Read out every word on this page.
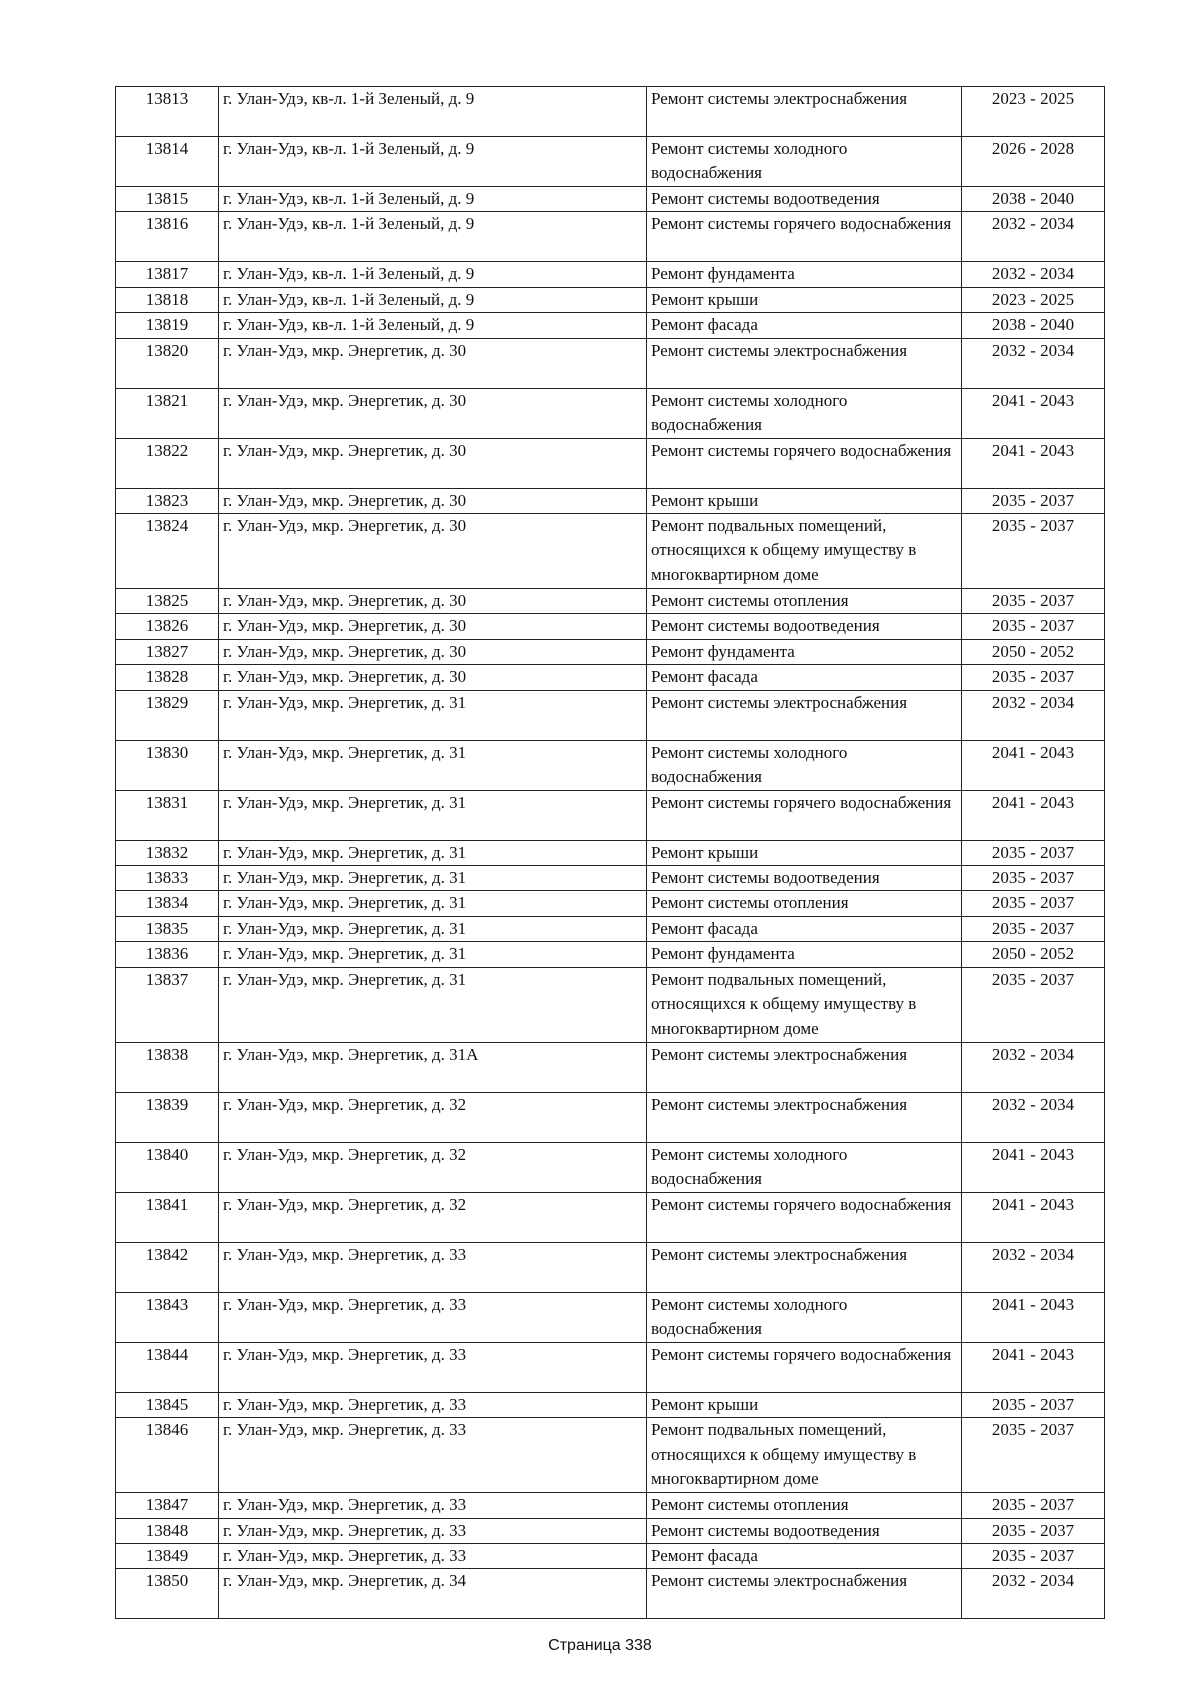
13813	г. Улан-Удэ, кв-л. 1-й Зеленый, д. 9	Ремонт системы электроснабжения	2023 - 2025
13814	г. Улан-Удэ, кв-л. 1-й Зеленый, д. 9	Ремонт системы холодного водоснабжения	2026 - 2028
13815	г. Улан-Удэ, кв-л. 1-й Зеленый, д. 9	Ремонт системы водоотведения	2038 - 2040
13816	г. Улан-Удэ, кв-л. 1-й Зеленый, д. 9	Ремонт системы горячего водоснабжения	2032 - 2034
13817	г. Улан-Удэ, кв-л. 1-й Зеленый, д. 9	Ремонт фундамента	2032 - 2034
13818	г. Улан-Удэ, кв-л. 1-й Зеленый, д. 9	Ремонт крыши	2023 - 2025
13819	г. Улан-Удэ, кв-л. 1-й Зеленый, д. 9	Ремонт фасада	2038 - 2040
13820	г. Улан-Удэ, мкр. Энергетик, д. 30	Ремонт системы электроснабжения	2032 - 2034
13821	г. Улан-Удэ, мкр. Энергетик, д. 30	Ремонт системы холодного водоснабжения	2041 - 2043
13822	г. Улан-Удэ, мкр. Энергетик, д. 30	Ремонт системы горячего водоснабжения	2041 - 2043
13823	г. Улан-Удэ, мкр. Энергетик, д. 30	Ремонт крыши	2035 - 2037
13824	г. Улан-Удэ, мкр. Энергетик, д. 30	Ремонт подвальных помещений, относящихся к общему имуществу в многоквартирном доме	2035 - 2037
13825	г. Улан-Удэ, мкр. Энергетик, д. 30	Ремонт системы отопления	2035 - 2037
13826	г. Улан-Удэ, мкр. Энергетик, д. 30	Ремонт системы водоотведения	2035 - 2037
13827	г. Улан-Удэ, мкр. Энергетик, д. 30	Ремонт фундамента	2050 - 2052
13828	г. Улан-Удэ, мкр. Энергетик, д. 30	Ремонт фасада	2035 - 2037
13829	г. Улан-Удэ, мкр. Энергетик, д. 31	Ремонт системы электроснабжения	2032 - 2034
13830	г. Улан-Удэ, мкр. Энергетик, д. 31	Ремонт системы холодного водоснабжения	2041 - 2043
13831	г. Улан-Удэ, мкр. Энергетик, д. 31	Ремонт системы горячего водоснабжения	2041 - 2043
13832	г. Улан-Удэ, мкр. Энергетик, д. 31	Ремонт крыши	2035 - 2037
13833	г. Улан-Удэ, мкр. Энергетик, д. 31	Ремонт системы водоотведения	2035 - 2037
13834	г. Улан-Удэ, мкр. Энергетик, д. 31	Ремонт системы отопления	2035 - 2037
13835	г. Улан-Удэ, мкр. Энергетик, д. 31	Ремонт фасада	2035 - 2037
13836	г. Улан-Удэ, мкр. Энергетик, д. 31	Ремонт фундамента	2050 - 2052
13837	г. Улан-Удэ, мкр. Энергетик, д. 31	Ремонт подвальных помещений, относящихся к общему имуществу в многоквартирном доме	2035 - 2037
13838	г. Улан-Удэ, мкр. Энергетик, д. 31А	Ремонт системы электроснабжения	2032 - 2034
13839	г. Улан-Удэ, мкр. Энергетик, д. 32	Ремонт системы электроснабжения	2032 - 2034
13840	г. Улан-Удэ, мкр. Энергетик, д. 32	Ремонт системы холодного водоснабжения	2041 - 2043
13841	г. Улан-Удэ, мкр. Энергетик, д. 32	Ремонт системы горячего водоснабжения	2041 - 2043
13842	г. Улан-Удэ, мкр. Энергетик, д. 33	Ремонт системы электроснабжения	2032 - 2034
13843	г. Улан-Удэ, мкр. Энергетик, д. 33	Ремонт системы холодного водоснабжения	2041 - 2043
13844	г. Улан-Удэ, мкр. Энергетик, д. 33	Ремонт системы горячего водоснабжения	2041 - 2043
13845	г. Улан-Удэ, мкр. Энергетик, д. 33	Ремонт крыши	2035 - 2037
13846	г. Улан-Удэ, мкр. Энергетик, д. 33	Ремонт подвальных помещений, относящихся к общему имуществу в многоквартирном доме	2035 - 2037
13847	г. Улан-Удэ, мкр. Энергетик, д. 33	Ремонт системы отопления	2035 - 2037
13848	г. Улан-Удэ, мкр. Энергетик, д. 33	Ремонт системы водоотведения	2035 - 2037
13849	г. Улан-Удэ, мкр. Энергетик, д. 33	Ремонт фасада	2035 - 2037
13850	г. Улан-Удэ, мкр. Энергетик, д. 34	Ремонт системы электроснабжения	2032 - 2034
Страница 338
